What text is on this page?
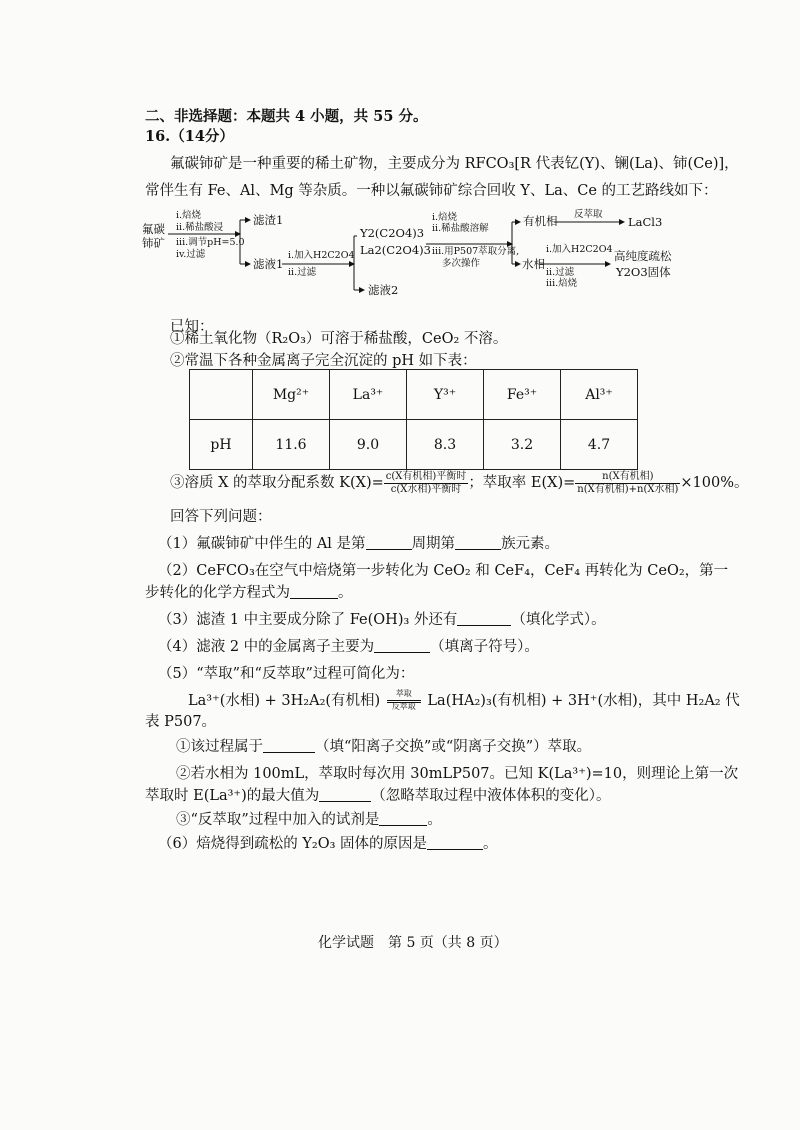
二、非选择题：本题共 4 小题，共 55 分。
16.（14分）
氟碳铈矿是一种重要的稀土矿物，主要成分为 RFCO₃[R 代表钇(Y)、镧(La)、铈(Ce)]，
常伴生有 Fe、Al、Mg 等杂质。一种以氟碳铈矿综合回收 Y、La、Ce 的工艺路线如下：
氟碳
铈矿
i.焙烧
ii.稀盐酸浸
iii.调节pH=5.0
iv.过滤
滤渣1
滤液1
i.加入H2C2O4
ii.过滤
Y2(C2O4)3
La2(C2O4)3
滤液2
i.焙烧
ii.稀盐酸溶解
iii.用P507萃取分离,
多次操作
有机相 反萃取
LaCl3
水相
i.加入H2C2O4
ii.过滤
iii.焙烧
高纯度疏松
Y2O3固体
已知：
①稀土氧化物（R₂O₃）可溶于稀盐酸，CeO₂ 不溶。
②常温下各种金属离子完全沉淀的 pH 如下表：
	Mg²⁺	La³⁺	Y³⁺	Fe³⁺	Al³⁺
pH	11.6	9.0	8.3	3.2	4.7
③溶质 X 的萃取分配系数 $K(X)= \frac{\text{c(X有机相)平衡时}}{\text{c(X水相)平衡时}}$ ；萃取率 $E(X)= \frac{\text{n(X有机相)}}{\text{n(X有机相)+n(X水相)}} \times 100\%$。
回答下列问题：
（1）氟碳铈矿中伴生的 Al 是第	周期第	族元素。
（2）CeFCO₃在空气中焙烧第一步转化为 CeO₂ 和 CeF₄，CeF₄ 再转化为 CeO₂，第一
步转化的化学方程式为	。
（3）滤渣 1 中主要成分除了 Fe(OH)₃ 外还有	（填化学式）。
（4）滤液 2 中的金属离子主要为	（填离子符号）。
（5）“萃取”和“反萃取”过程可简化为：
La³⁺(水相) + 3H₂A₂(有机相)	萃取
反萃取 La(HA₂)₃(有机相) + 3H⁺(水相)，其中 H₂A₂ 代
表 P507。
①该过程属于	（填“阳离子交换”或“阴离子交换”）萃取。
②若水相为 100mL，萃取时每次用 30mLP507。已知 K(La³⁺)=10，则理论上第一次
萃取时 E(La³⁺)的最大值为	（忽略萃取过程中液体体积的变化）。
③“反萃取”过程中加入的试剂是	。
（6）焙烧得到疏松的 Y₂O₃ 固体的原因是	。
化学试题　第 5 页（共 8 页）
